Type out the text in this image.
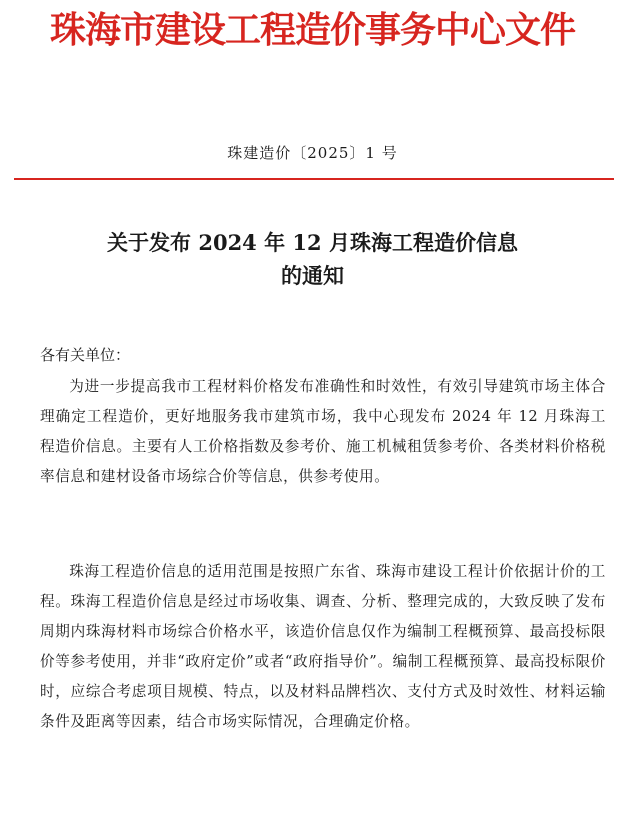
珠海市建设工程造价事务中心文件
珠建造价〔2025〕1 号
关于发布 2024 年 12 月珠海工程造价信息
的通知
各有关单位：

为进一步提高我市工程材料价格发布准确性和时效性，有效引导建筑市场主体合理确定工程造价，更好地服务我市建筑市场，我中心现发布 2024 年 12 月珠海工程造价信息。主要有人工价格指数及参考价、施工机械租赁参考价、各类材料价格税率信息和建材设备市场综合价等信息，供参考使用。

珠海工程造价信息的适用范围是按照广东省、珠海市建设工程计价依据计价的工程。珠海工程造价信息是经过市场收集、调查、分析、整理完成的，大致反映了发布周期内珠海材料市场综合价格水平，该造价信息仅作为编制工程概预算、最高投标限价等参考使用，并非“政府定价”或者“政府指导价”。编制工程概预算、最高投标限价时，应综合考虑项目规模、特点，以及材料品牌档次、支付方式及时效性、材料运输条件及距离等因素，结合市场实际情况，合理确定价格。
